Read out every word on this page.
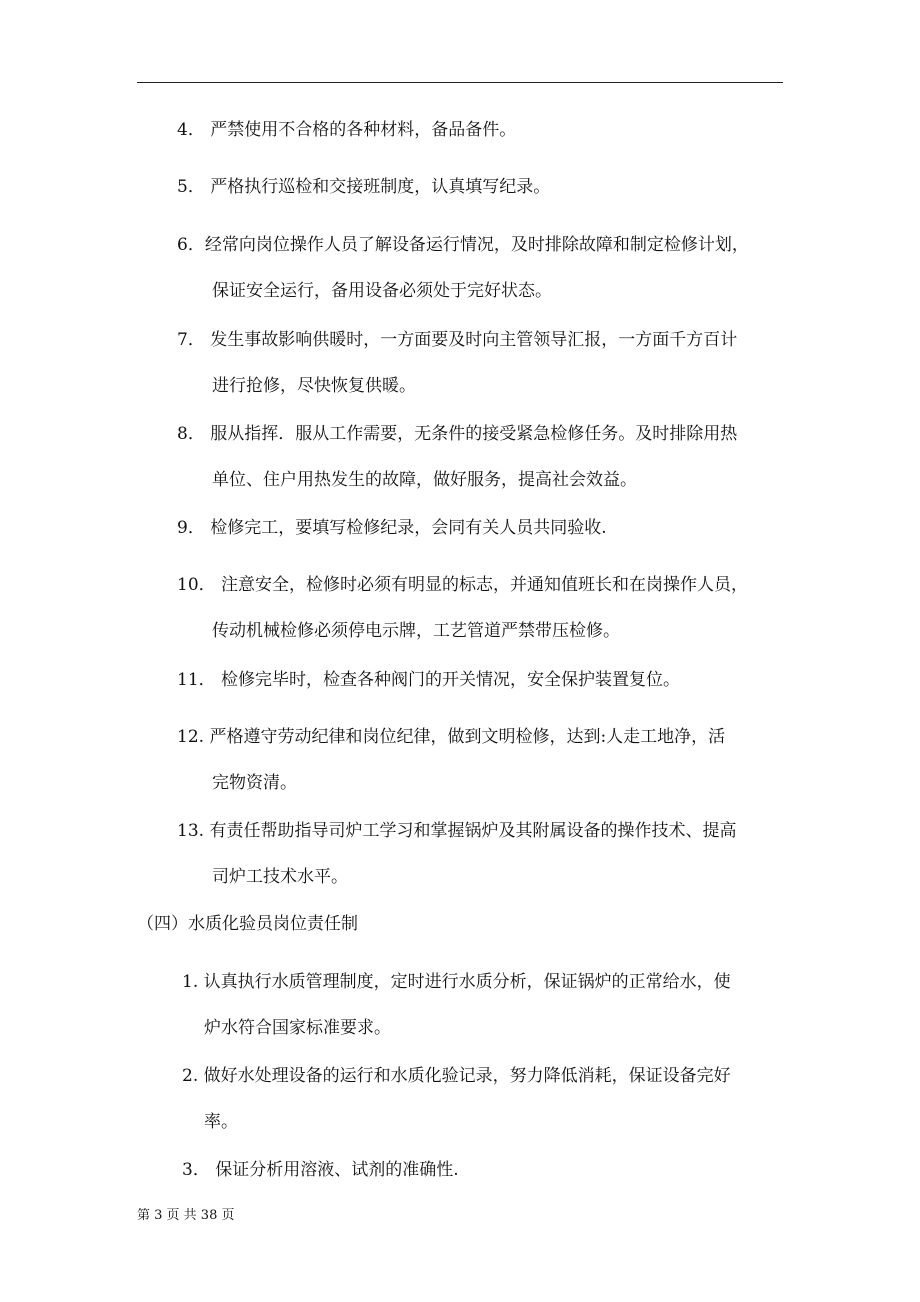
4． 严禁使用不合格的各种材料，备品备件。
5． 严格执行巡检和交接班制度，认真填写纪录。
6．经常向岗位操作人员了解设备运行情况，及时排除故障和制定检修计划，
保证安全运行，备用设备必须处于完好状态。
7． 发生事故影响供暖时，一方面要及时向主管领导汇报，一方面千方百计
进行抢修，尽快恢复供暖。
8． 服从指挥．服从工作需要，无条件的接受紧急检修任务。及时排除用热
单位、住户用热发生的故障，做好服务，提高社会效益。
9． 检修完工，要填写检修纪录，会同有关人员共同验收.
10． 注意安全，检修时必须有明显的标志，并通知值班长和在岗操作人员，
传动机械检修必须停电示牌，工艺管道严禁带压检修。
11． 检修完毕时，检查各种阀门的开关情况，安全保护装置复位。
12. 严格遵守劳动纪律和岗位纪律，做到文明检修，达到:人走工地净，活
完物资清。
13. 有责任帮助指导司炉工学习和掌握锅炉及其附属设备的操作技术、提高
司炉工技术水平。
（四）水质化验员岗位责任制
1. 认真执行水质管理制度，定时进行水质分析，保证锅炉的正常给水，使
炉水符合国家标准要求。
2. 做好水处理设备的运行和水质化验记录，努力降低消耗，保证设备完好
率。
3． 保证分析用溶液、试剂的准确性.
第 3 页 共 38 页
